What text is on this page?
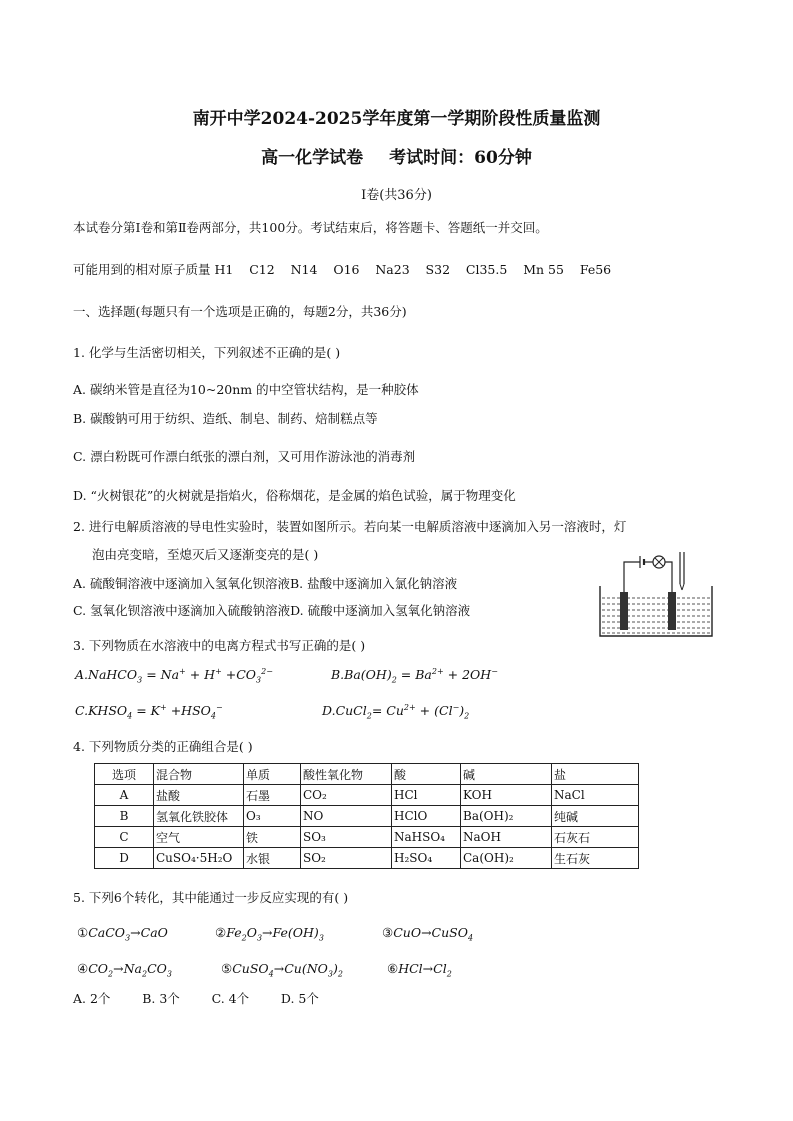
南开中学2024-2025学年度第一学期阶段性质量监测
高一化学试卷 考试时间：60分钟
I卷(共36分)
本试卷分第Ⅰ卷和第Ⅱ卷两部分，共100分。考试结束后，将答题卡、答题纸一并交回。
可能用到的相对原子质量 H1    C12    N14    O16    Na23    S32    Cl35.5    Mn 55    Fe56
一、选择题(每题只有一个选项是正确的，每题2分，共36分)
1. 化学与生活密切相关，下列叙述不正确的是( )
A. 碳纳米管是直径为10~20nm 的中空管状结构，是一种胶体
B. 碳酸钠可用于纺织、造纸、制皂、制药、焙制糕点等
C. 漂白粉既可作漂白纸张的漂白剂，又可用作游泳池的消毒剂
D. “火树银花”的火树就是指焰火，俗称烟花，是金属的焰色试验，属于物理变化
2. 进行电解质溶液的导电性实验时，装置如图所示。若向某一电解质溶液中逐滴加入另一溶液时，灯
泡由亮变暗，至熄灭后又逐渐变亮的是( )
A. 硫酸铜溶液中逐滴加入氢氧化钡溶液B. 盐酸中逐滴加入氯化钠溶液
C. 氢氧化钡溶液中逐滴加入硫酸钠溶液D. 硫酸中逐滴加入氢氧化钠溶液
3. 下列物质在水溶液中的电离方程式书写正确的是( )
A.NaHCO$_3$ = $Na^+ + H^+ +CO_3^{2-}$	$B.Ba(OH)_2 = Ba^{2+} + 2OH^-$
$C.KHSO_4 = K^+ +HSO_4^-$	D.CuCl$_2$= $Cu^{2+} + (Cl^-)_2$
4. 下列物质分类的正确组合是( )
选项	混合物	单质	酸性氧化物	酸	碱	盐
A	盐酸	石墨	CO₂	HCl	KOH	NaCl
B	氢氧化铁胶体	O₃	NO	HClO	Ba(OH)₂	纯碱
C	空气	铁	SO₃	NaHSO₄	NaOH	石灰石
D	CuSO₄·5H₂O	水银	SO₂	H₂SO₄	Ca(OH)₂	生石灰
5. 下列6个转化，其中能通过一步反应实现的有( )
①CaCO$_3$→CaO	$②Fe_2O_3\to Fe(OH)_3$	③CuO→CuSO$_4$
$④CO_2\to Na_2CO_3$	$⑤CuSO_4\to Cu(NO_3)_2$	$⑥HCl\to Cl_2$
A. 2个        B. 3个        C. 4个        D. 5个
